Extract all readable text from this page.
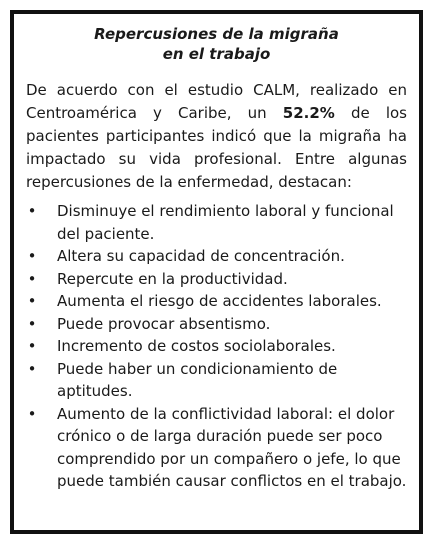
Repercusiones de la migraña
en el trabajo

De acuerdo con el estudio CALM, realizado en Centroamérica y Caribe, un 52.2% de los pacientes participantes indicó que la migraña ha impactado su vida profesional. Entre algunas repercusiones de la enfermedad, destacan:

• Disminuye el rendimiento laboral y funcional del paciente.
• Altera su capacidad de concentración.
• Repercute en la productividad.
• Aumenta el riesgo de accidentes laborales.
• Puede provocar absentismo.
• Incremento de costos sociolaborales.
• Puede haber un condicionamiento de aptitudes.
• Aumento de la conflictividad laboral: el dolor crónico o de larga duración puede ser poco comprendido por un compañero o jefe, lo que puede también causar conflictos en el trabajo.
